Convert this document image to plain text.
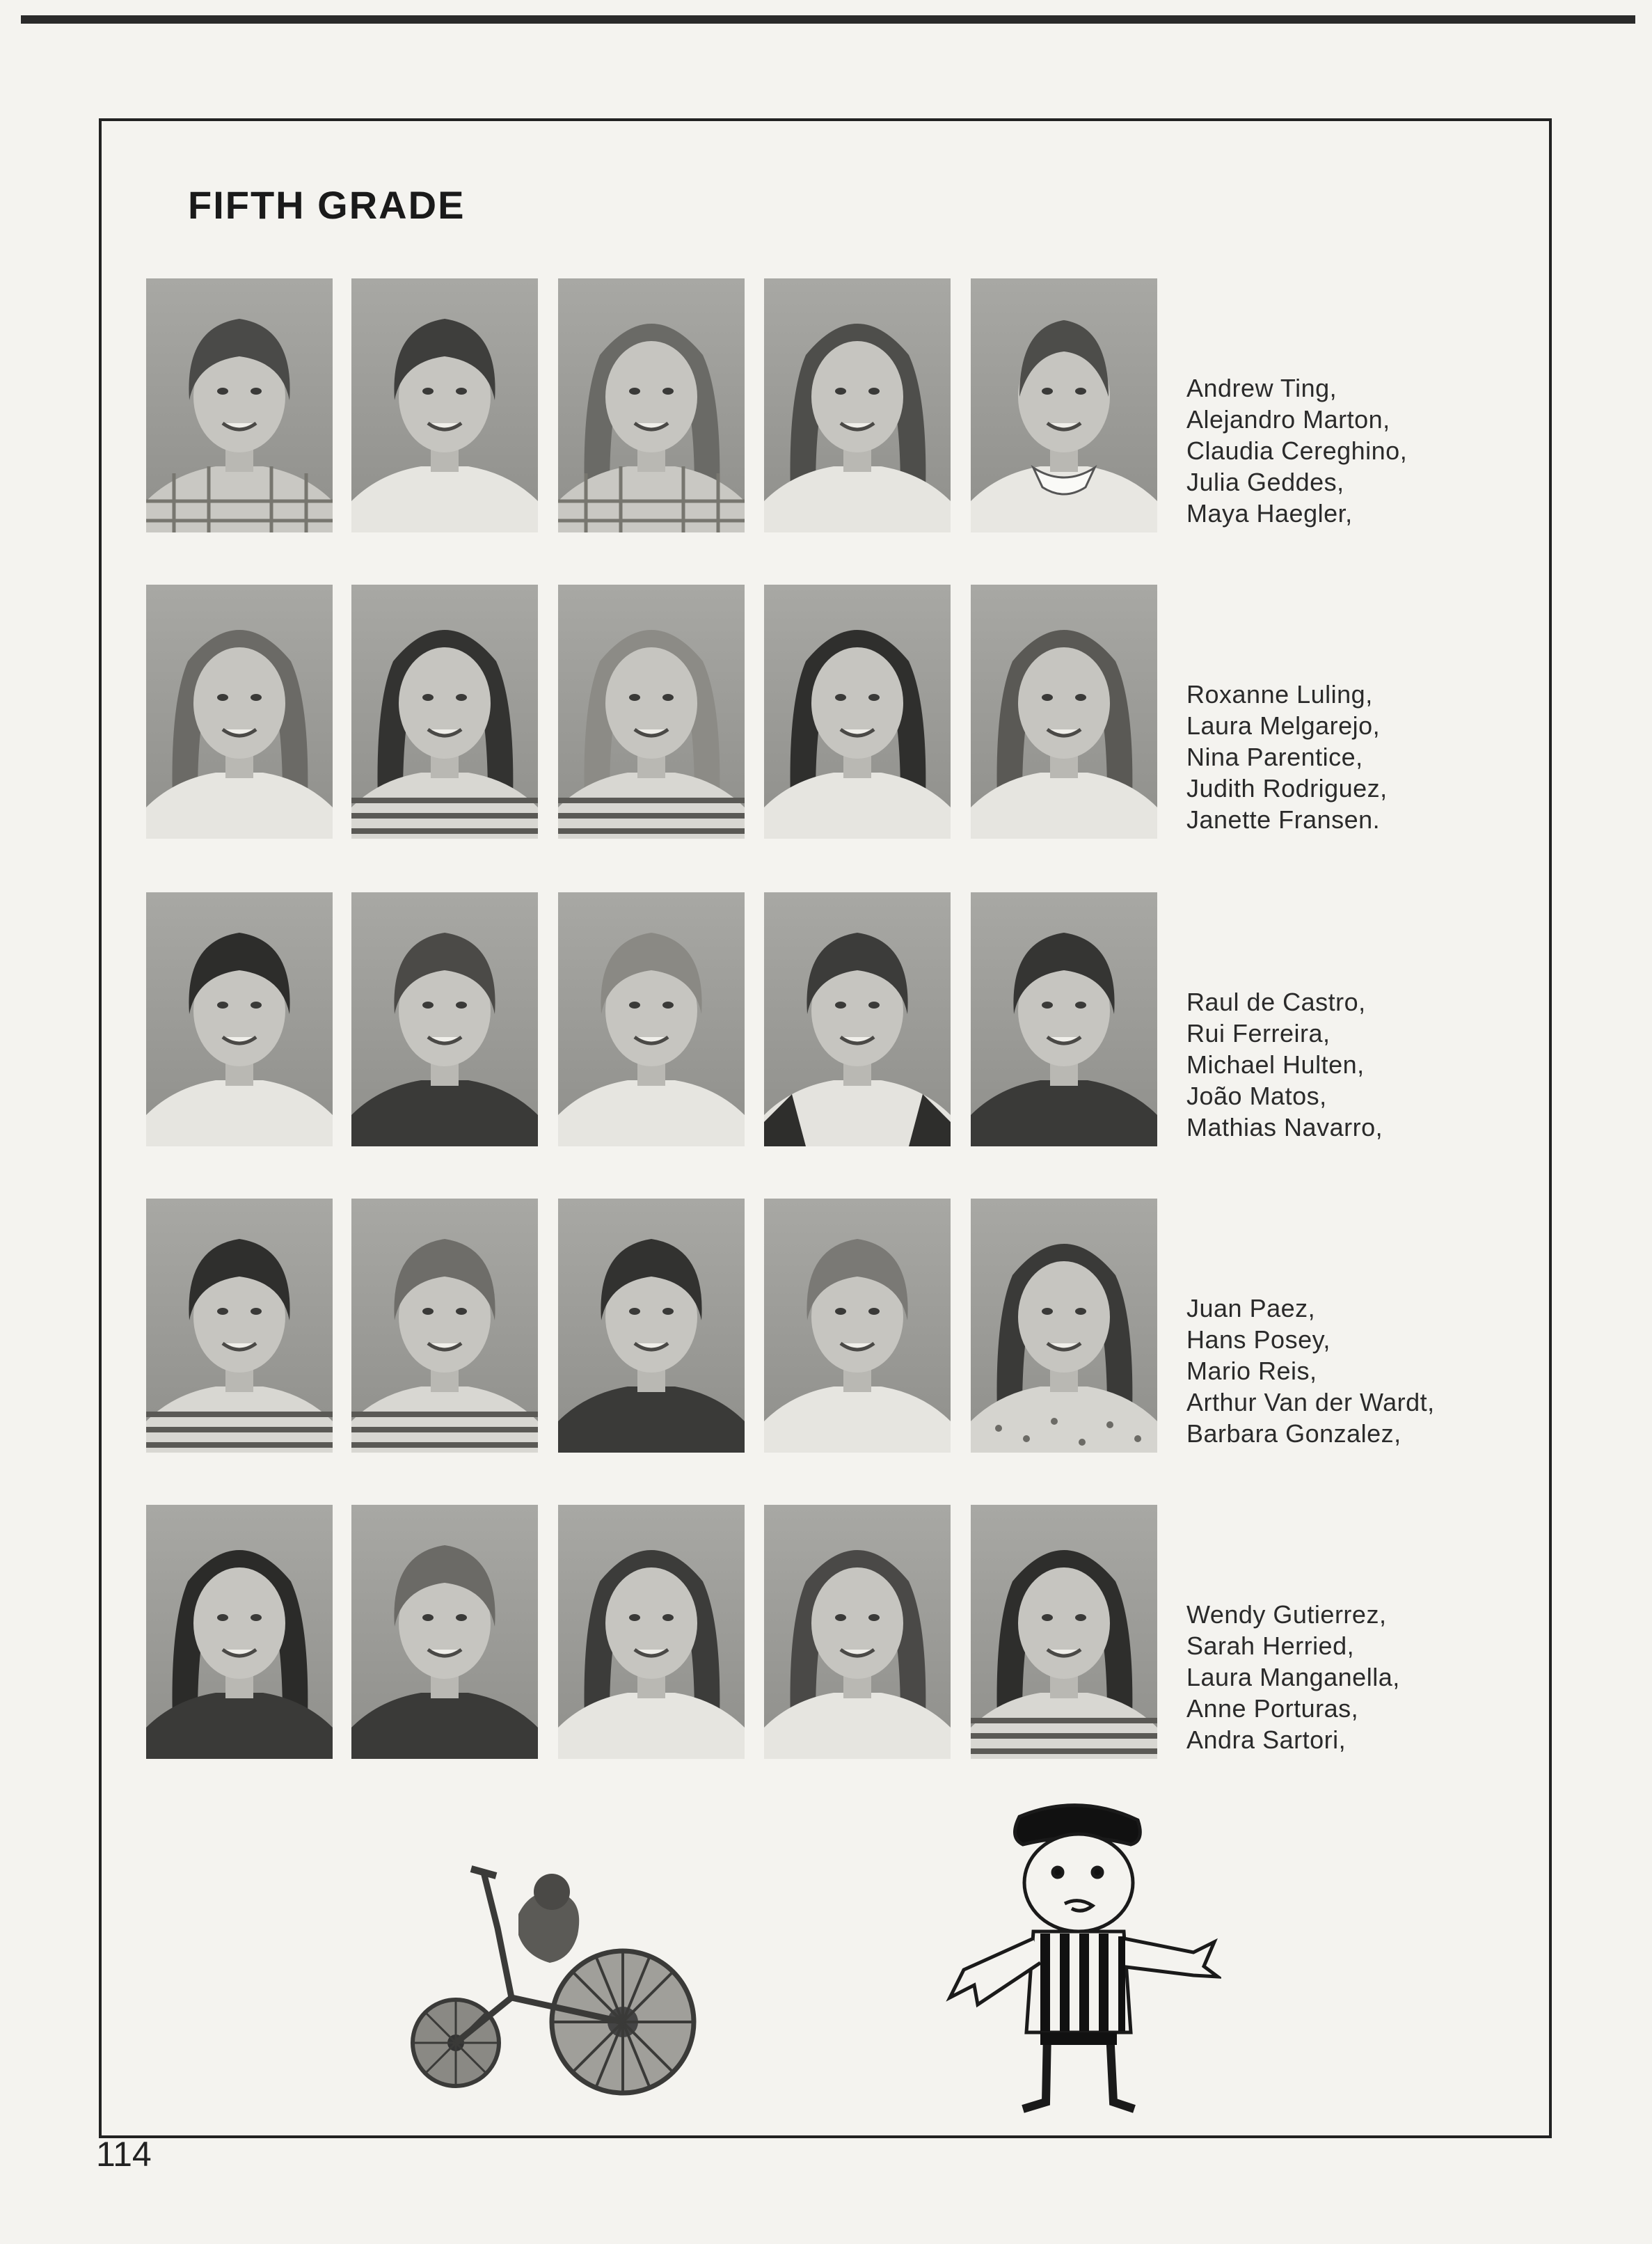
FIFTH GRADE
Andrew Ting,
Alejandro Marton,
Claudia Cereghino,
Julia Geddes,
Maya Haegler,
Roxanne Luling,
Laura Melgarejo,
Nina Parentice,
Judith Rodriguez,
Janette Fransen.
Raul de Castro,
Rui Ferreira,
Michael Hulten,
João Matos,
Mathias Navarro,
Juan Paez,
Hans Posey,
Mario Reis,
Arthur Van der Wardt,
Barbara Gonzalez,
Wendy Gutierrez,
Sarah Herried,
Laura Manganella,
Anne Porturas,
Andra Sartori,

114
